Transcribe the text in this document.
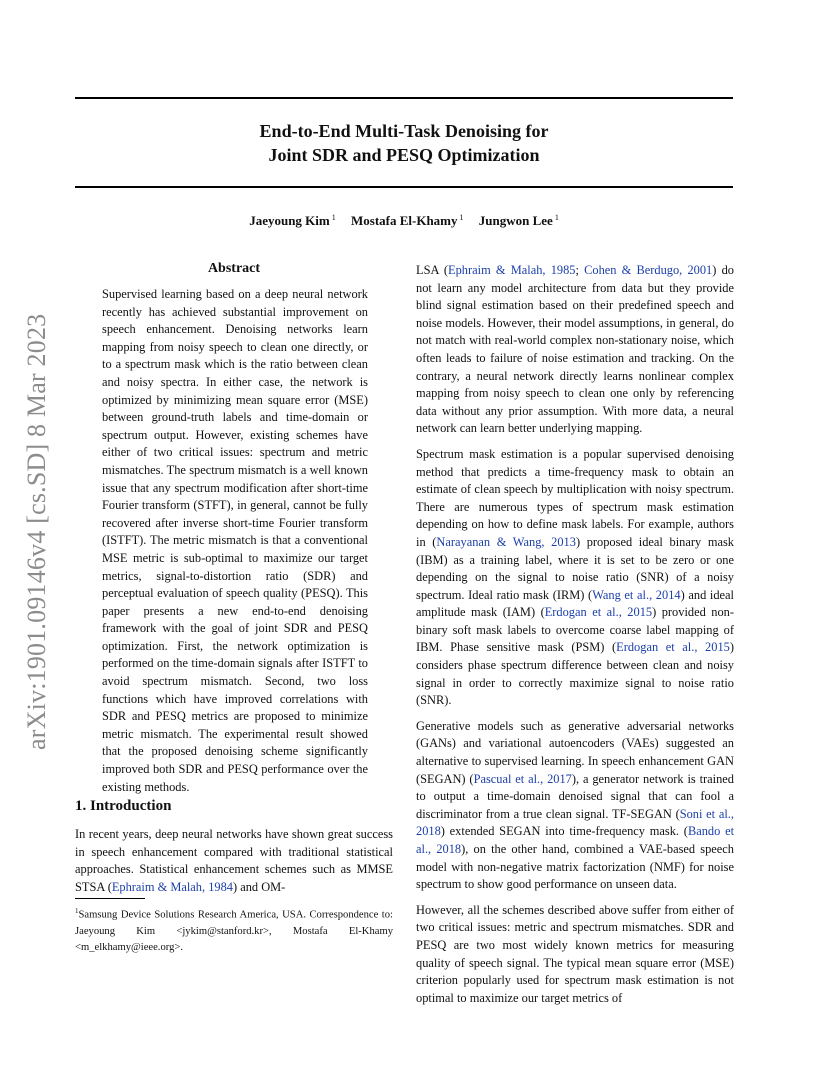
arXiv:1901.09146v4 [cs.SD] 8 Mar 2023
End-to-End Multi-Task Denoising for
Joint SDR and PESQ Optimization
Jaeyoung Kim $^1$ Mostafa El-Khamy $^1$ Jungwon Lee $^1$
Abstract

Supervised learning based on a deep neural network recently has achieved substantial improvement on speech enhancement. Denoising networks learn mapping from noisy speech to clean one directly, or to a spectrum mask which is the ratio between clean and noisy spectra. In either case, the network is optimized by minimizing mean square error (MSE) between ground-truth labels and time-domain or spectrum output. However, existing schemes have either of two critical issues: spectrum and metric mismatches. The spectrum mismatch is a well known issue that any spectrum modification after short-time Fourier transform (STFT), in general, cannot be fully recovered after inverse short-time Fourier transform (ISTFT). The metric mismatch is that a conventional MSE metric is sub-optimal to maximize our target metrics, signal-to-distortion ratio (SDR) and perceptual evaluation of speech quality (PESQ). This paper presents a new end-to-end denoising framework with the goal of joint SDR and PESQ optimization. First, the network optimization is performed on the time-domain signals after ISTFT to avoid spectrum mismatch. Second, two loss functions which have improved correlations with SDR and PESQ metrics are proposed to minimize metric mismatch. The experimental result showed that the proposed denoising scheme significantly improved both SDR and PESQ performance over the existing methods.

1. Introduction

In recent years, deep neural networks have shown great success in speech enhancement compared with traditional statistical approaches. Statistical enhancement schemes such as MMSE STSA (Ephraim & Malah, 1984) and OM-

$^1$Samsung Device Solutions Research America, USA. Correspondence to: Jaeyoung Kim <jykim@stanford.kr>, Mostafa El-Khamy <m_elkhamy@ieee.org>.

LSA (Ephraim & Malah, 1985; Cohen & Berdugo, 2001) do not learn any model architecture from data but they provide blind signal estimation based on their predefined speech and noise models. However, their model assumptions, in general, do not match with real-world complex non-stationary noise, which often leads to failure of noise estimation and tracking. On the contrary, a neural network directly learns nonlinear complex mapping from noisy speech to clean one only by referencing data without any prior assumption. With more data, a neural network can learn better underlying mapping.

Spectrum mask estimation is a popular supervised denoising method that predicts a time-frequency mask to obtain an estimate of clean speech by multiplication with noisy spectrum. There are numerous types of spectrum mask estimation depending on how to define mask labels. For example, authors in (Narayanan & Wang, 2013) proposed ideal binary mask (IBM) as a training label, where it is set to be zero or one depending on the signal to noise ratio (SNR) of a noisy spectrum. Ideal ratio mask (IRM) (Wang et al., 2014) and ideal amplitude mask (IAM) (Erdogan et al., 2015) provided non-binary soft mask labels to overcome coarse label mapping of IBM. Phase sensitive mask (PSM) (Erdogan et al., 2015) considers phase spectrum difference between clean and noisy signal in order to correctly maximize signal to noise ratio (SNR).

Generative models such as generative adversarial networks (GANs) and variational autoencoders (VAEs) suggested an alternative to supervised learning. In speech enhancement GAN (SEGAN) (Pascual et al., 2017), a generator network is trained to output a time-domain denoised signal that can fool a discriminator from a true clean signal. TF-SEGAN (Soni et al., 2018) extended SEGAN into time-frequency mask. (Bando et al., 2018), on the other hand, combined a VAE-based speech model with non-negative matrix factorization (NMF) for noise spectrum to show good performance on unseen data.

However, all the schemes described above suffer from either of two critical issues: metric and spectrum mismatches. SDR and PESQ are two most widely known metrics for measuring quality of speech signal. The typical mean square error (MSE) criterion popularly used for spectrum mask estimation is not optimal to maximize our target metrics of
